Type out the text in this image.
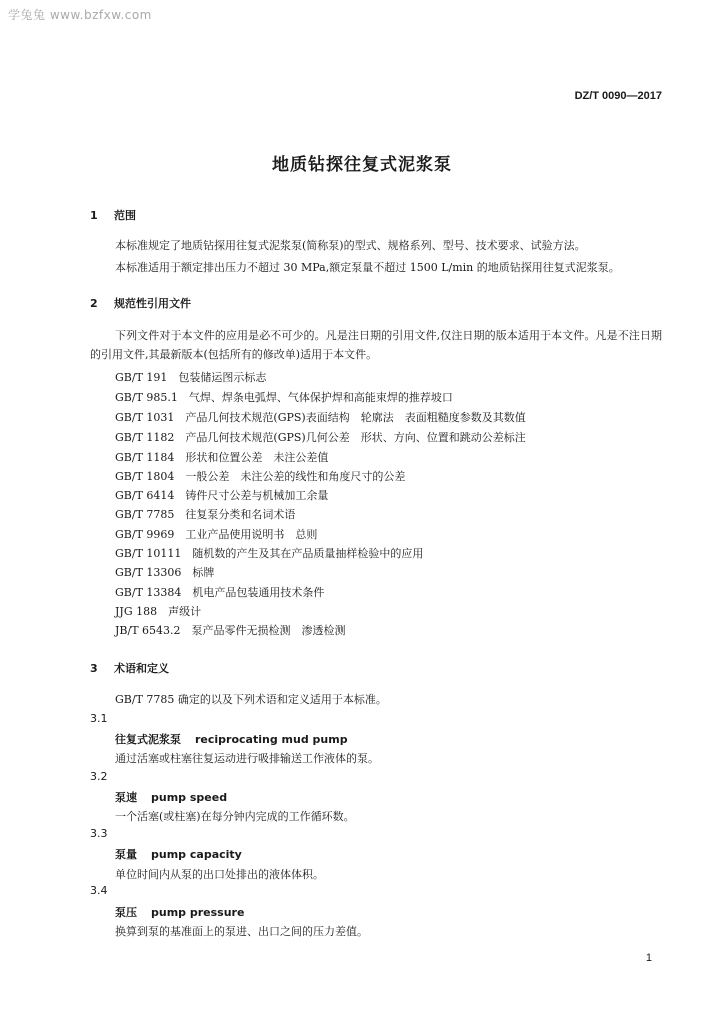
学兔兔 www.bzfxw.com
DZ/T 0090—2017
地质钻探往复式泥浆泵
1 范围
本标准规定了地质钻探用往复式泥浆泵(简称泵)的型式、规格系列、型号、技术要求、试验方法。
本标准适用于额定排出压力不超过 30 MPa,额定泵量不超过 1500 L/min 的地质钻探用往复式泥浆泵。
2 规范性引用文件
下列文件对于本文件的应用是必不可少的。凡是注日期的引用文件,仅注日期的版本适用于本文件。凡是不注日期的引用文件,其最新版本(包括所有的修改单)适用于本文件。
GB/T 191　包装储运图示标志
GB/T 985.1　气焊、焊条电弧焊、气体保护焊和高能束焊的推荐坡口
GB/T 1031　产品几何技术规范(GPS)表面结构　轮廓法　表面粗糙度参数及其数值
GB/T 1182　产品几何技术规范(GPS)几何公差　形状、方向、位置和跳动公差标注
GB/T 1184　形状和位置公差　未注公差值
GB/T 1804　一般公差　未注公差的线性和角度尺寸的公差
GB/T 6414　铸件尺寸公差与机械加工余量
GB/T 7785　往复泵分类和名词术语
GB/T 9969　工业产品使用说明书　总则
GB/T 10111　随机数的产生及其在产品质量抽样检验中的应用
GB/T 13306　标牌
GB/T 13384　机电产品包装通用技术条件
JJG 188　声级计
JB/T 6543.2　泵产品零件无损检测　渗透检测
3 术语和定义
GB/T 7785 确定的以及下列术语和定义适用于本标准。
3.1
往复式泥浆泵 reciprocating mud pump
通过活塞或柱塞往复运动进行吸排输送工作液体的泵。
3.2
泵速 pump speed
一个活塞(或柱塞)在每分钟内完成的工作循环数。
3.3
泵量 pump capacity
单位时间内从泵的出口处排出的液体体积。
3.4
泵压 pump pressure
换算到泵的基准面上的泵进、出口之间的压力差值。
1
